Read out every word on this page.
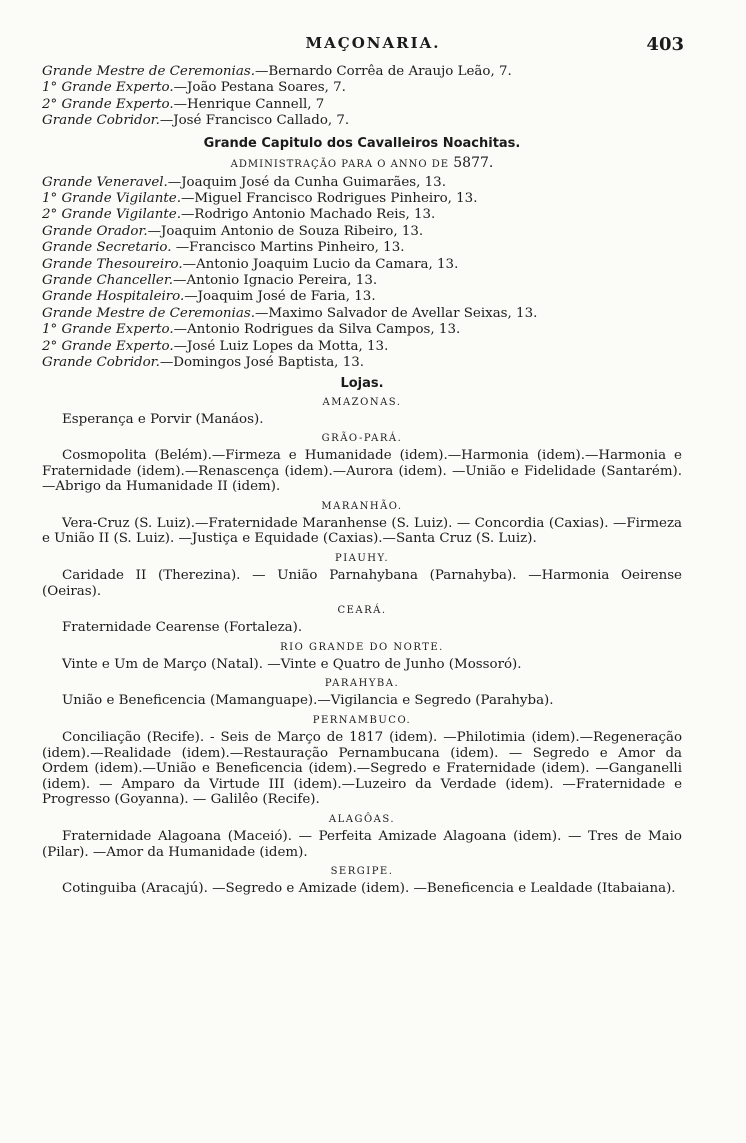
MAÇONARIA.	403
Grande Mestre de Ceremonias.—Bernardo Corrêa de Araujo Leão, 7.
1° Grande Experto.—João Pestana Soares, 7.
2° Grande Experto.—Henrique Cannell, 7
Grande Cobridor.—José Francisco Callado, 7.
Grande Capitulo dos Cavalleiros Noachitas.
ADMINISTRAÇÃO PARA O ANNO DE 5877.
Grande Veneravel.—Joaquim José da Cunha Guimarães, 13.
1° Grande Vigilante.—Miguel Francisco Rodrigues Pinheiro, 13.
2° Grande Vigilante.—Rodrigo Antonio Machado Reis, 13.
Grande Orador.—Joaquim Antonio de Souza Ribeiro, 13.
Grande Secretario. —Francisco Martins Pinheiro, 13.
Grande Thesoureiro.—Antonio Joaquim Lucio da Camara, 13.
Grande Chanceller.—Antonio Ignacio Pereira, 13.
Grande Hospitaleiro.—Joaquim José de Faria, 13.
Grande Mestre de Ceremonias.—Maximo Salvador de Avellar Seixas, 13.
1° Grande Experto.—Antonio Rodrigues da Silva Campos, 13.
2° Grande Experto.—José Luiz Lopes da Motta, 13.
Grande Cobridor.—Domingos José Baptista, 13.
Lojas.
AMAZONAS.

Esperança e Porvir (Manáos).

GRÃO-PARÁ.

Cosmopolita (Belém).—Firmeza e Humanidade (idem).—Harmonia (idem).—Harmonia e Fraternidade (idem).—Renascença (idem).—Aurora (idem). —União e Fidelidade (Santarém). —Abrigo da Humanidade II (idem).

MARANHÃO.

Vera-Cruz (S. Luiz).—Fraternidade Maranhense (S. Luiz). — Concordia (Caxias). —Firmeza e União II (S. Luiz). —Justiça e Equidade (Caxias).—Santa Cruz (S. Luiz).

PIAUHY.

Caridade II (Therezina). — União Parnahybana (Parnahyba). —Harmonia Oeirense (Oeiras).

CEARÁ.

Fraternidade Cearense (Fortaleza).

RIO GRANDE DO NORTE.

Vinte e Um de Março (Natal). —Vinte e Quatro de Junho (Mossoró).

PARAHYBA.

União e Beneficencia (Mamanguape).—Vigilancia e Segredo (Parahyba).

PERNAMBUCO.

Conciliação (Recife). - Seis de Março de 1817 (idem). —Philotimia (idem).—Regeneração (idem).—Realidade (idem).—Restauração Pernambucana (idem). — Segredo e Amor da Ordem (idem).—União e Beneficencia (idem).—Segredo e Fraternidade (idem). —Ganganelli (idem). — Amparo da Virtude III (idem).—Luzeiro da Verdade (idem). —Fraternidade e Progresso (Goyanna). — Galilêo (Recife).

ALAGÔAS.

Fraternidade Alagoana (Maceió). — Perfeita Amizade Alagoana (idem). — Tres de Maio (Pilar). —Amor da Humanidade (idem).

SERGIPE.

Cotinguiba (Aracajú). —Segredo e Amizade (idem). —Beneficencia e Lealdade (Itabaiana).
